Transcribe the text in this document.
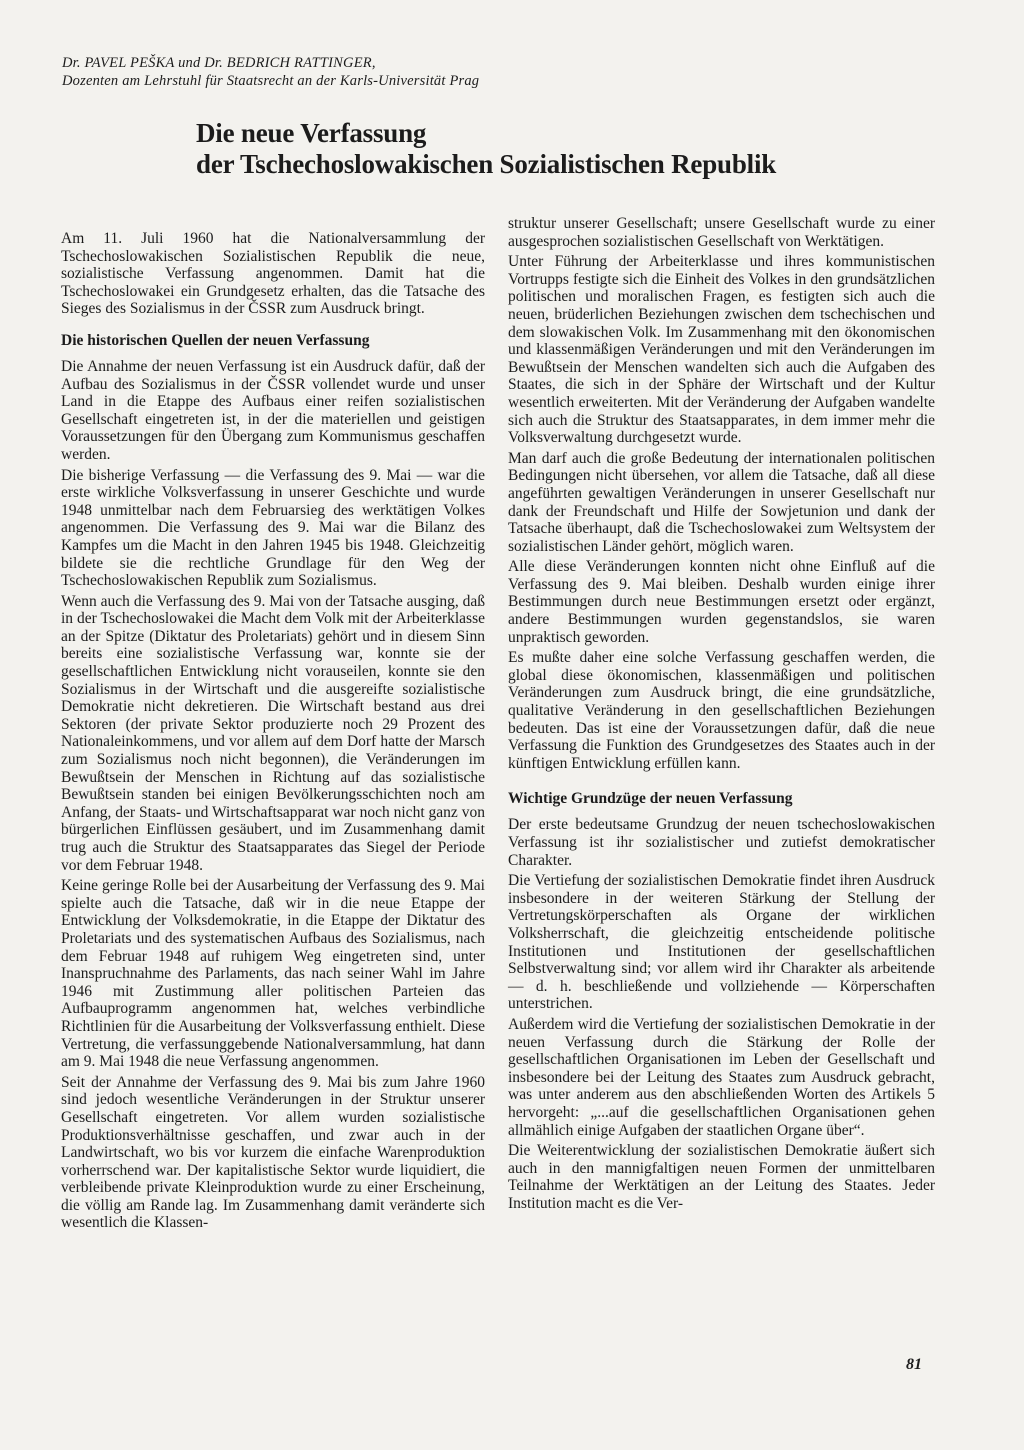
Dr. PAVEL PEŠKA und Dr. BEDRICH RATTINGER,
Dozenten am Lehrstuhl für Staatsrecht an der Karls-Universität Prag
Die neue Verfassung
der Tschechoslowakischen Sozialistischen Republik

Am 11. Juli 1960 hat die Nationalversammlung der Tschechoslowakischen Sozialistischen Republik die neue, sozialistische Verfassung angenommen. Damit hat die Tschechoslowakei ein Grundgesetz erhalten, das die Tatsache des Sieges des Sozialismus in der ČSSR zum Ausdruck bringt.

Die historischen Quellen der neuen Verfassung

Die Annahme der neuen Verfassung ist ein Ausdruck dafür, daß der Aufbau des Sozialismus in der ČSSR vollendet wurde und unser Land in die Etappe des Aufbaus einer reifen sozialistischen Gesellschaft eingetreten ist, in der die materiellen und geistigen Voraussetzungen für den Übergang zum Kommunismus geschaffen werden.

Die bisherige Verfassung — die Verfassung des 9. Mai — war die erste wirkliche Volksverfassung in unserer Geschichte und wurde 1948 unmittelbar nach dem Februarsieg des werktätigen Volkes angenommen. Die Verfassung des 9. Mai war die Bilanz des Kampfes um die Macht in den Jahren 1945 bis 1948. Gleichzeitig bildete sie die rechtliche Grundlage für den Weg der Tschechoslowakischen Republik zum Sozialismus.

Wenn auch die Verfassung des 9. Mai von der Tatsache ausging, daß in der Tschechoslowakei die Macht dem Volk mit der Arbeiterklasse an der Spitze (Diktatur des Proletariats) gehört und in diesem Sinn bereits eine sozialistische Verfassung war, konnte sie der gesellschaftlichen Entwicklung nicht vorauseilen, konnte sie den Sozialismus in der Wirtschaft und die ausgereifte sozialistische Demokratie nicht dekretieren. Die Wirtschaft bestand aus drei Sektoren (der private Sektor produzierte noch 29 Prozent des Nationaleinkommens, und vor allem auf dem Dorf hatte der Marsch zum Sozialismus noch nicht begonnen), die Veränderungen im Bewußtsein der Menschen in Richtung auf das sozialistische Bewußtsein standen bei einigen Bevölkerungsschichten noch am Anfang, der Staats- und Wirtschaftsapparat war noch nicht ganz von bürgerlichen Einflüssen gesäubert, und im Zusammenhang damit trug auch die Struktur des Staatsapparates das Siegel der Periode vor dem Februar 1948.

Keine geringe Rolle bei der Ausarbeitung der Verfassung des 9. Mai spielte auch die Tatsache, daß wir in die neue Etappe der Entwicklung der Volksdemokratie, in die Etappe der Diktatur des Proletariats und des systematischen Aufbaus des Sozialismus, nach dem Februar 1948 auf ruhigem Weg eingetreten sind, unter Inanspruchnahme des Parlaments, das nach seiner Wahl im Jahre 1946 mit Zustimmung aller politischen Parteien das Aufbauprogramm angenommen hat, welches verbindliche Richtlinien für die Ausarbeitung der Volksverfassung enthielt. Diese Vertretung, die verfassunggebende Nationalversammlung, hat dann am 9. Mai 1948 die neue Verfassung angenommen.

Seit der Annahme der Verfassung des 9. Mai bis zum Jahre 1960 sind jedoch wesentliche Veränderungen in der Struktur unserer Gesellschaft eingetreten. Vor allem wurden sozialistische Produktionsverhältnisse geschaffen, und zwar auch in der Landwirtschaft, wo bis vor kurzem die einfache Warenproduktion vorherrschend war. Der kapitalistische Sektor wurde liquidiert, die verbleibende private Kleinproduktion wurde zu einer Erscheinung, die völlig am Rande lag. Im Zusammenhang damit veränderte sich wesentlich die Klassen-

struktur unserer Gesellschaft; unsere Gesellschaft wurde zu einer ausgesprochen sozialistischen Gesellschaft von Werktätigen.

Unter Führung der Arbeiterklasse und ihres kommunistischen Vortrupps festigte sich die Einheit des Volkes in den grundsätzlichen politischen und moralischen Fragen, es festigten sich auch die neuen, brüderlichen Beziehungen zwischen dem tschechischen und dem slowakischen Volk. Im Zusammenhang mit den ökonomischen und klassenmäßigen Veränderungen und mit den Veränderungen im Bewußtsein der Menschen wandelten sich auch die Aufgaben des Staates, die sich in der Sphäre der Wirtschaft und der Kultur wesentlich erweiterten. Mit der Veränderung der Aufgaben wandelte sich auch die Struktur des Staatsapparates, in dem immer mehr die Volksverwaltung durchgesetzt wurde.

Man darf auch die große Bedeutung der internationalen politischen Bedingungen nicht übersehen, vor allem die Tatsache, daß all diese angeführten gewaltigen Veränderungen in unserer Gesellschaft nur dank der Freundschaft und Hilfe der Sowjetunion und dank der Tatsache überhaupt, daß die Tschechoslowakei zum Weltsystem der sozialistischen Länder gehört, möglich waren.

Alle diese Veränderungen konnten nicht ohne Einfluß auf die Verfassung des 9. Mai bleiben. Deshalb wurden einige ihrer Bestimmungen durch neue Bestimmungen ersetzt oder ergänzt, andere Bestimmungen wurden gegenstandslos, sie waren unpraktisch geworden.

Es mußte daher eine solche Verfassung geschaffen werden, die global diese ökonomischen, klassenmäßigen und politischen Veränderungen zum Ausdruck bringt, die eine grundsätzliche, qualitative Veränderung in den gesellschaftlichen Beziehungen bedeuten. Das ist eine der Voraussetzungen dafür, daß die neue Verfassung die Funktion des Grundgesetzes des Staates auch in der künftigen Entwicklung erfüllen kann.

Wichtige Grundzüge der neuen Verfassung

Der erste bedeutsame Grundzug der neuen tschechoslowakischen Verfassung ist ihr sozialistischer und zutiefst demokratischer Charakter.

Die Vertiefung der sozialistischen Demokratie findet ihren Ausdruck insbesondere in der weiteren Stärkung der Stellung der Vertretungskörperschaften als Organe der wirklichen Volksherrschaft, die gleichzeitig entscheidende politische Institutionen und Institutionen der gesellschaftlichen Selbstverwaltung sind; vor allem wird ihr Charakter als arbeitende — d. h. beschließende und vollziehende — Körperschaften unterstrichen.

Außerdem wird die Vertiefung der sozialistischen Demokratie in der neuen Verfassung durch die Stärkung der Rolle der gesellschaftlichen Organisationen im Leben der Gesellschaft und insbesondere bei der Leitung des Staates zum Ausdruck gebracht, was unter anderem aus den abschließenden Worten des Artikels 5 hervorgeht: „...auf die gesellschaftlichen Organisationen gehen allmählich einige Aufgaben der staatlichen Organe über“.

Die Weiterentwicklung der sozialistischen Demokratie äußert sich auch in den mannigfaltigen neuen Formen der unmittelbaren Teilnahme der Werktätigen an der Leitung des Staates. Jeder Institution macht es die Ver-

81
